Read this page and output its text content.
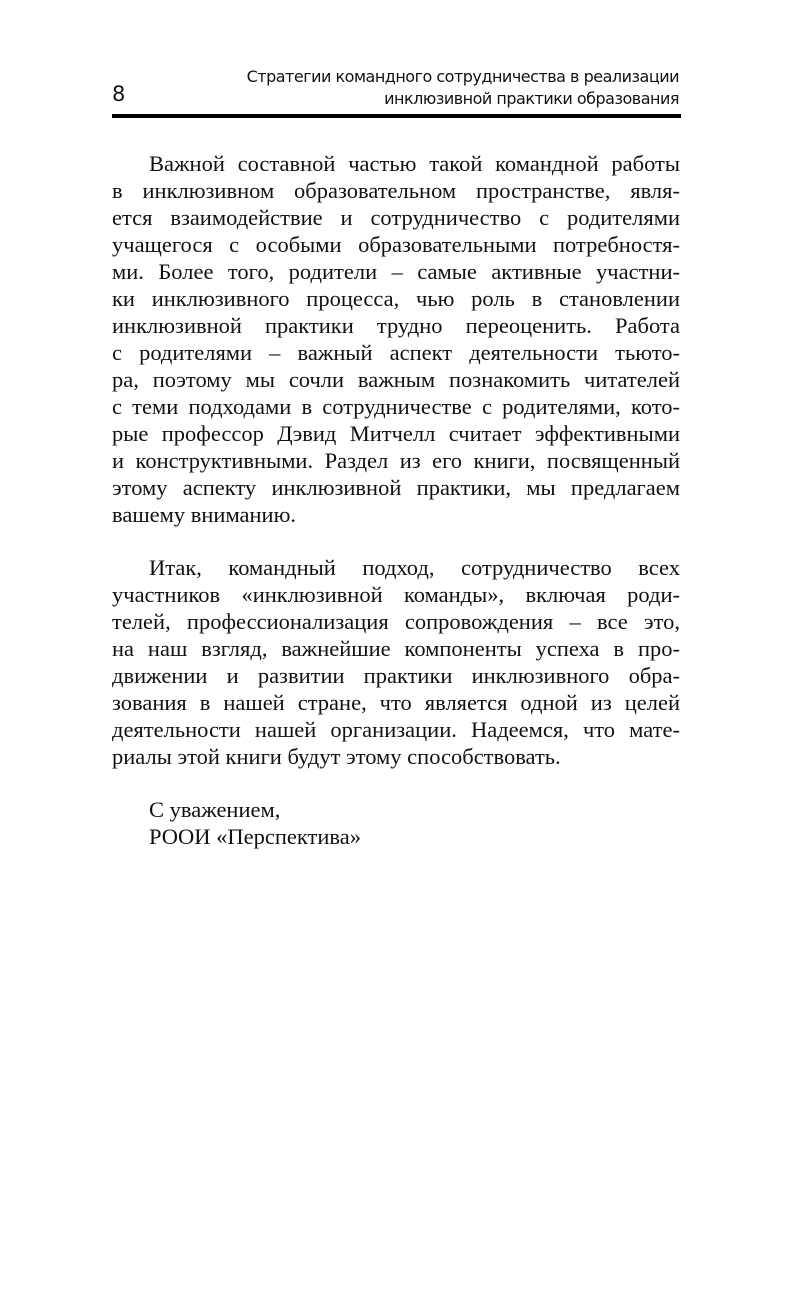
8
Стратегии командного сотрудничества в реализации
инклюзивной практики образования
Важной составной частью такой командной работы
в инклюзивном образовательном пространстве, явля-
ется взаимодействие и сотрудничество с родителями
учащегося с особыми образовательными потребностя-
ми. Более того, родители – самые активные участни-
ки инклюзивного процесса, чью роль в становлении
инклюзивной практики трудно переоценить. Работа
с родителями – важный аспект деятельности тьюто-
ра, поэтому мы сочли важным познакомить читателей
с теми подходами в сотрудничестве с родителями, кото-
рые профессор Дэвид Митчелл считает эффективными
и конструктивными. Раздел из его книги, посвященный
этому аспекту инклюзивной практики, мы предлагаем
вашему вниманию.
Итак, командный подход, сотрудничество всех
участников «инклюзивной команды», включая роди-
телей, профессионализация сопровождения – все это,
на наш взгляд, важнейшие компоненты успеха в про-
движении и развитии практики инклюзивного обра-
зования в нашей стране, что является одной из целей
деятельности нашей организации. Надеемся, что мате-
риалы этой книги будут этому способствовать.
С уважением,
РООИ «Перспектива»
